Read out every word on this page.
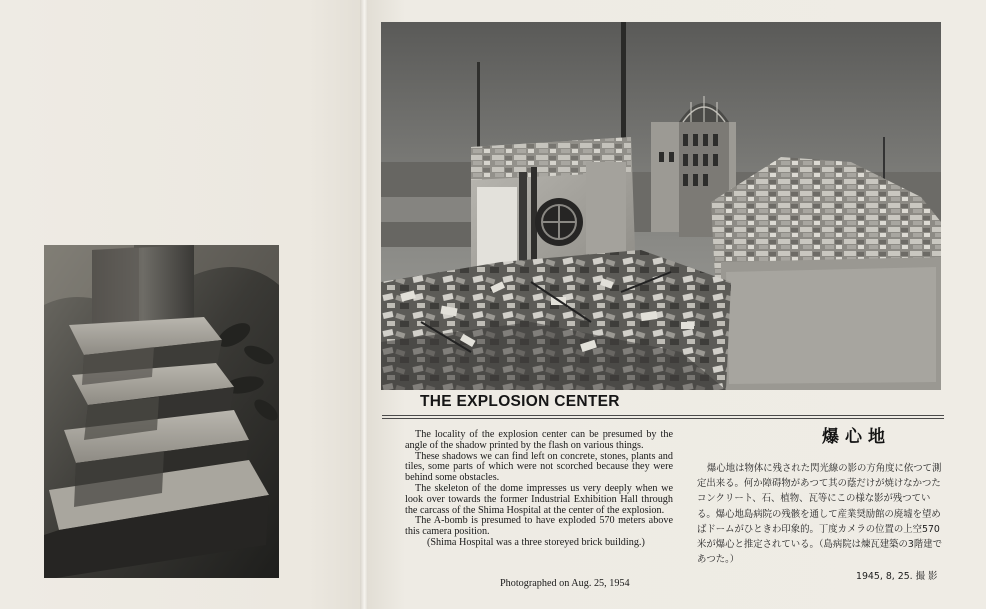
THE EXPLOSION CENTER

The locality of the explosion center can be presumed by the angle of the shadow printed by the flash on various things.

These shadows we can find left on concrete, stones, plants and tiles, some parts of which were not scorched because they were behind some obstacles.

The skeleton of the dome impresses us very deeply when we look over towards the former Industrial Exhibition Hall through the carcass of the Shima Hospital at the center of the explosion.

The A-bomb is presumed to have exploded 570 meters above this camera position.

(Shima Hospital was a three storeyed brick building.)

Photographed on Aug. 25, 1954
爆心地
爆心地は物体に残された閃光線の影の方角度に依つて測定出来る。何か障碍物があつて其の蔭だけが焼けなかつたコンクリート、石、植物、瓦等にこの様な影が残つている。爆心地島病院の残骸を通して産業奨励館の廃墟を望めばドームがひときわ印象的。丁度カメラの位置の上空570米が爆心と推定されている。（島病院は煉瓦建築の3階建であつた。）
1945, 8, 25. 撮 影
